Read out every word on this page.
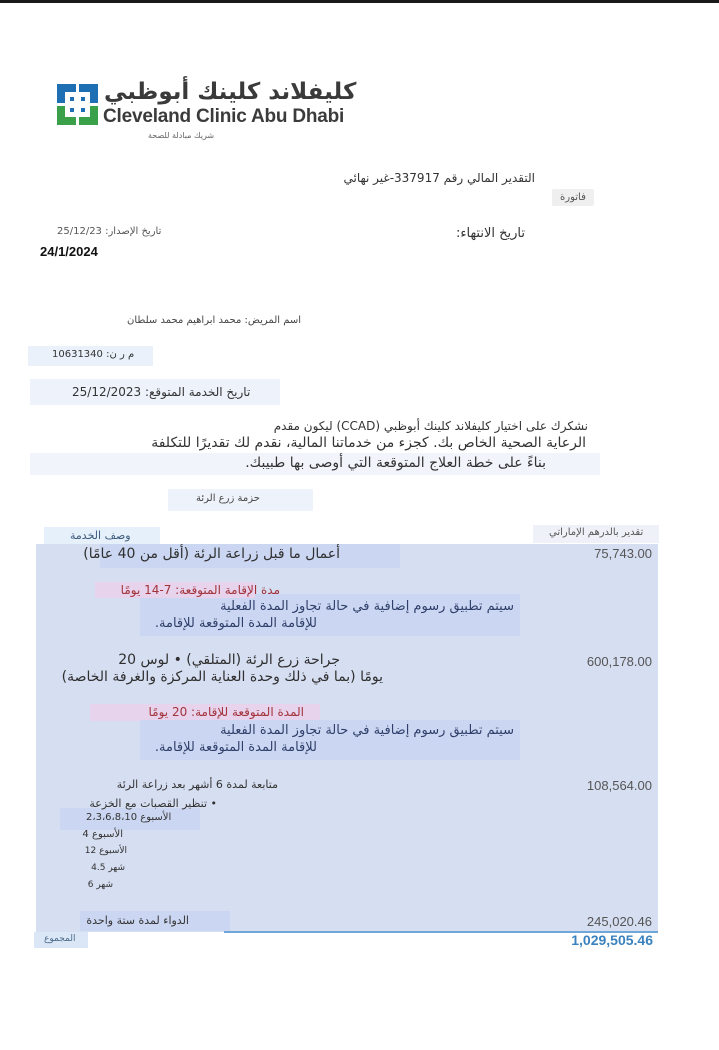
كليفلاند كلينك أبوظبي
Cleveland Clinic Abu Dhabi
شريك مبادلة للصحة
التقدير المالي رقم 337917-غير نهائي
فاتورة
تاريخ الانتهاء:
تاريخ الإصدار: 25/12/23
24/1/2024
اسم المريض: محمد ابراهيم محمد سلطان
م ر ن: 10631340
تاريخ الخدمة المتوقع: 25/12/2023
نشكرك على اختيار كليفلاند كلينك أبوظبي (CCAD) ليكون مقدم
الرعاية الصحية الخاص بك. كجزء من خدماتنا المالية، نقدم لك تقديرًا للتكلفة
بناءً على خطة العلاج المتوقعة التي أوصى بها طبيبك.
حزمة زرع الرئة
وصف الخدمة	تقدير بالدرهم الإماراتي
75,743.00
أعمال ما قبل زراعة الرئة (أقل من 40 عامًا)
مدة الإقامة المتوقعة: 7-14 يومًا
سيتم تطبيق رسوم إضافية في حالة تجاوز المدة الفعلية
للإقامة المدة المتوقعة للإقامة.
600,178.00
جراحة زرع الرئة (المتلقي) • لوس 20
يومًا (بما في ذلك وحدة العناية المركزة والغرفة الخاصة)
المدة المتوقعة للإقامة: 20 يومًا
سيتم تطبيق رسوم إضافية في حالة تجاوز المدة الفعلية
للإقامة المدة المتوقعة للإقامة.
108,564.00
متابعة لمدة 6 أشهر بعد زراعة الرئة
• تنظير القصبات مع الخزعة
2،3،6،8،10 الأسبوع
الأسبوع 4
الأسبوع 12
شهر 4.5
شهر 6
245,020.46
الدواء لمدة ستة واحدة
المجموع	1,029,505.46
